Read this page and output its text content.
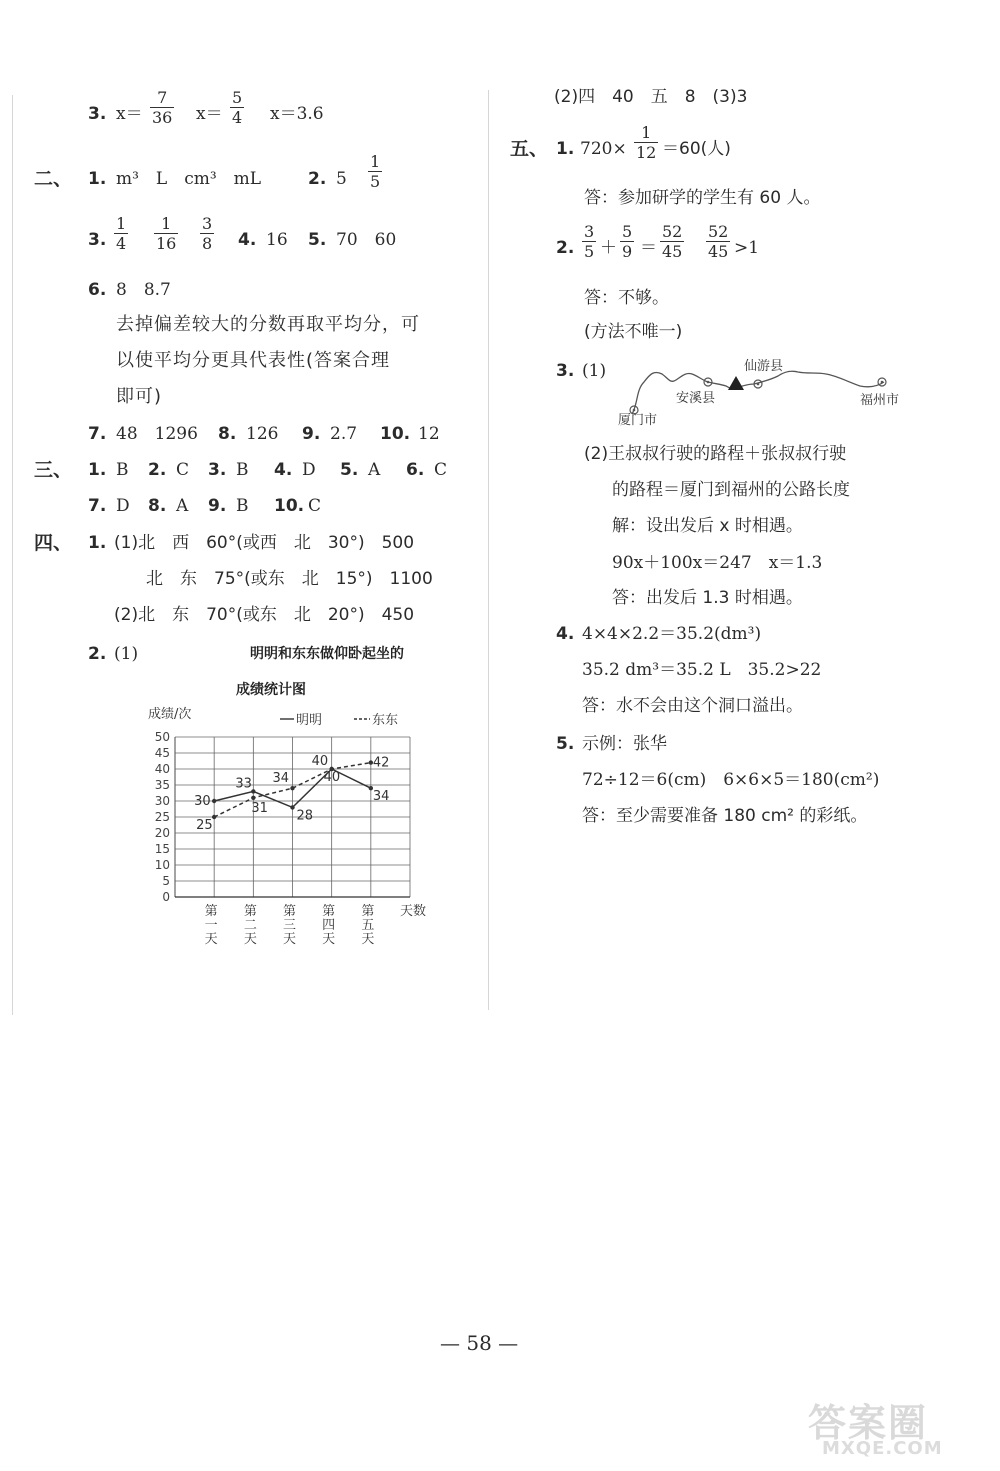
3. x＝
7
36 x＝
5
4 x＝3.6
二、 1. m³　L　cm³　mL	2. 5
1
5
3.
1
4
1
16
3
8 4. 16 5. 70　60
6. 8　8.7
去掉偏差较大的分数再取平均分，可
以使平均分更具代表性(答案合理
即可)
7. 48　1296 8. 126 9. 2.7 10. 12
三、 1. B 2. C 3. B 4. D 5. A 6. C
7. D 8. A 9. B 10. C
四、 1. (1)北　西　60°(或西　北　30°)　500
北　东　75°(或东　北　15°)　1100
(2)北　东　70°(或东　北　20°)　450
2. (1)	明明和东东做仰卧起坐的
成绩统计图
成绩/次	明明	东东
0
5
10
15
20
25
30
35
40
45
50
第一天
第二天
第三天
第四天
第五天
天数
30
33
31
28
34
40
40
42
34
25
(2)四　40　五　8　(3)3
五、 1. 720×
1
12 ＝60(人)
答：参加研学的学生有 60 人。
2.
3
5 ＋
5
9 ＝
52
45
52
45 >1
答：不够。
(方法不唯一)
3. (1)
厦门市
安溪县
仙游县
福州市
(2)王叔叔行驶的路程＋张叔叔行驶
的路程＝厦门到福州的公路长度
解：设出发后 x 时相遇。
90x＋100x＝247　x＝1.3
答：出发后 1.3 时相遇。
4. 4×4×2.2＝35.2(dm³)
35.2 dm³＝35.2 L　35.2>22
答：水不会由这个洞口溢出。
5. 示例：张华
72÷12＝6(cm)　6×6×5＝180(cm²)
答：至少需要准备 180 cm² 的彩纸。
— 58 —
答案圈
MXQE.COM
